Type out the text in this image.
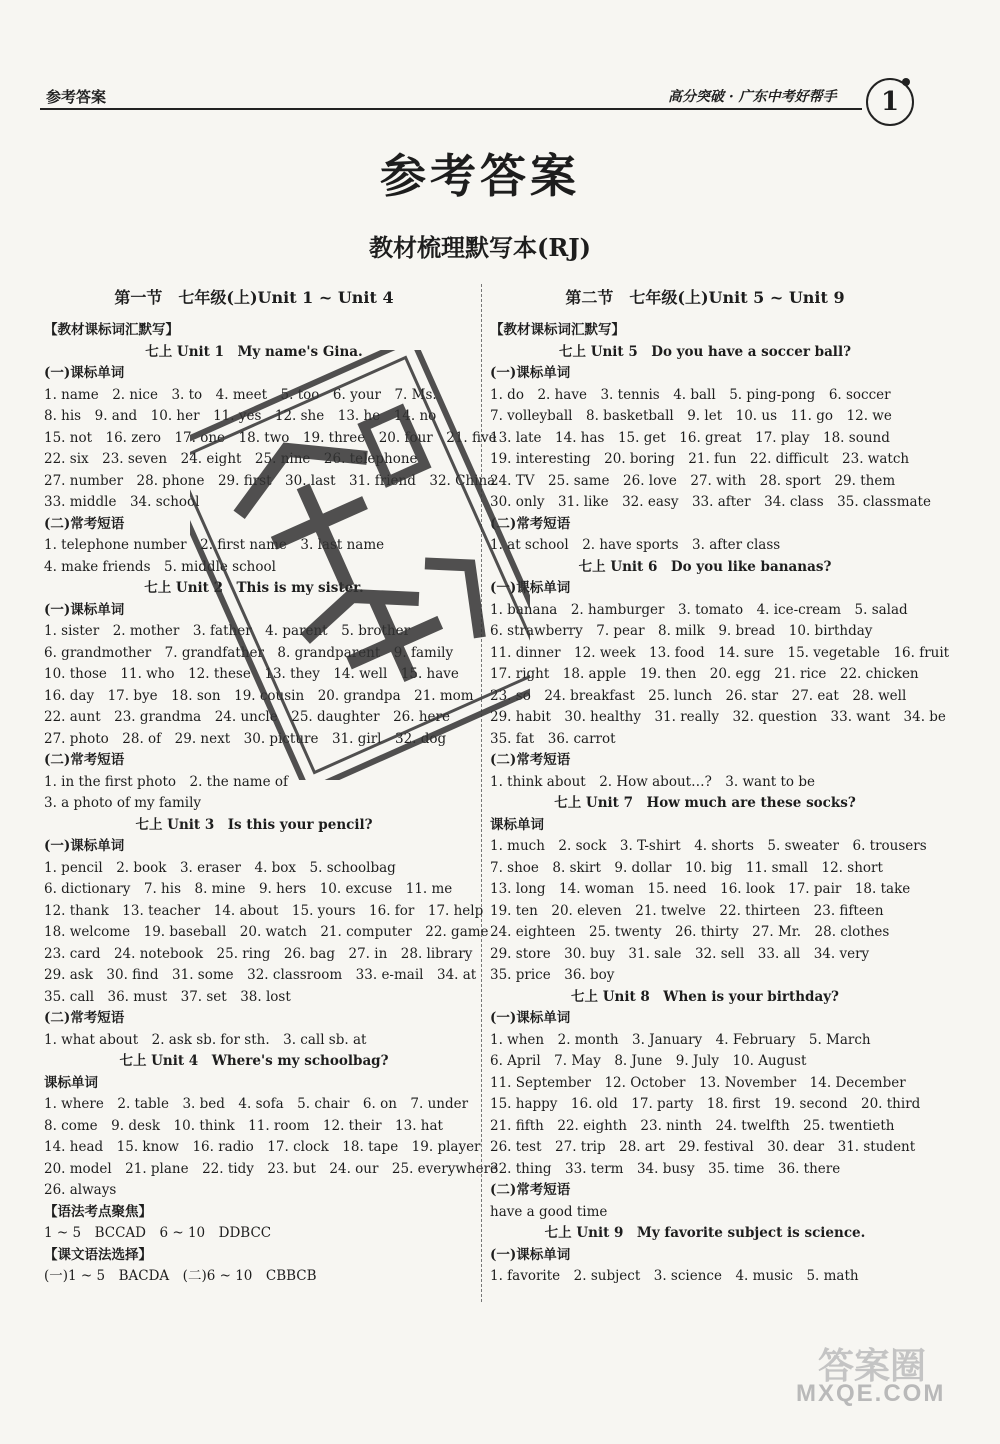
参考答案	高分突破 · 广东中考好帮手	1
参考答案
教材梳理默写本(RJ)
第一节　七年级(上)Unit 1 ~ Unit 4
【教材课标词汇默写】
七上 Unit 1　My name's Gina.
(一)课标单词
1. name　2. nice　3. to　4. meet　5. too　6. your　7. Ms.
8. his　9. and　10. her　11. yes　12. she　13. he　14. no
15. not　16. zero　17. one　18. two　19. three　20. four　21. five
22. six　23. seven　24. eight　25. nine　26. telephone
27. number　28. phone　29. first　30. last　31. friend　32. China
33. middle　34. school
(二)常考短语
1. telephone number　2. first name　3. last name
4. make friends　5. middle school
七上 Unit 2　This is my sister.
(一)课标单词
1. sister　2. mother　3. father　4. parent　5. brother
6. grandmother　7. grandfather　8. grandparent　9. family
10. those　11. who　12. these　13. they　14. well　15. have
16. day　17. bye　18. son　19. cousin　20. grandpa　21. mom
22. aunt　23. grandma　24. uncle　25. daughter　26. here
27. photo　28. of　29. next　30. picture　31. girl　32. dog
(二)常考短语
1. in the first photo　2. the name of
3. a photo of my family
七上 Unit 3　Is this your pencil?
(一)课标单词
1. pencil　2. book　3. eraser　4. box　5. schoolbag
6. dictionary　7. his　8. mine　9. hers　10. excuse　11. me
12. thank　13. teacher　14. about　15. yours　16. for　17. help
18. welcome　19. baseball　20. watch　21. computer　22. game
23. card　24. notebook　25. ring　26. bag　27. in　28. library
29. ask　30. find　31. some　32. classroom　33. e-mail　34. at
35. call　36. must　37. set　38. lost
(二)常考短语
1. what about　2. ask sb. for sth.　3. call sb. at
七上 Unit 4　Where's my schoolbag?
课标单词
1. where　2. table　3. bed　4. sofa　5. chair　6. on　7. under
8. come　9. desk　10. think　11. room　12. their　13. hat
14. head　15. know　16. radio　17. clock　18. tape　19. player
20. model　21. plane　22. tidy　23. but　24. our　25. everywhere
26. always
【语法考点聚焦】
1 ~ 5　BCCAD　6 ~ 10　DDBCC
【课文语法选择】
(一)1 ~ 5　BACDA　(二)6 ~ 10　CBBCB
第二节　七年级(上)Unit 5 ~ Unit 9
【教材课标词汇默写】
七上 Unit 5　Do you have a soccer ball?
(一)课标单词
1. do　2. have　3. tennis　4. ball　5. ping-pong　6. soccer
7. volleyball　8. basketball　9. let　10. us　11. go　12. we
13. late　14. has　15. get　16. great　17. play　18. sound
19. interesting　20. boring　21. fun　22. difficult　23. watch
24. TV　25. same　26. love　27. with　28. sport　29. them
30. only　31. like　32. easy　33. after　34. class　35. classmate
(二)常考短语
1. at school　2. have sports　3. after class
七上 Unit 6　Do you like bananas?
(一)课标单词
1. banana　2. hamburger　3. tomato　4. ice-cream　5. salad
6. strawberry　7. pear　8. milk　9. bread　10. birthday
11. dinner　12. week　13. food　14. sure　15. vegetable　16. fruit
17. right　18. apple　19. then　20. egg　21. rice　22. chicken
23. so　24. breakfast　25. lunch　26. star　27. eat　28. well
29. habit　30. healthy　31. really　32. question　33. want　34. be
35. fat　36. carrot
(二)常考短语
1. think about　2. How about…?　3. want to be
七上 Unit 7　How much are these socks?
课标单词
1. much　2. sock　3. T-shirt　4. shorts　5. sweater　6. trousers
7. shoe　8. skirt　9. dollar　10. big　11. small　12. short
13. long　14. woman　15. need　16. look　17. pair　18. take
19. ten　20. eleven　21. twelve　22. thirteen　23. fifteen
24. eighteen　25. twenty　26. thirty　27. Mr.　28. clothes
29. store　30. buy　31. sale　32. sell　33. all　34. very
35. price　36. boy
七上 Unit 8　When is your birthday?
(一)课标单词
1. when　2. month　3. January　4. February　5. March
6. April　7. May　8. June　9. July　10. August
11. September　12. October　13. November　14. December
15. happy　16. old　17. party　18. first　19. second　20. third
21. fifth　22. eighth　23. ninth　24. twelfth　25. twentieth
26. test　27. trip　28. art　29. festival　30. dear　31. student
32. thing　33. term　34. busy　35. time　36. there
(二)常考短语
have a good time
七上 Unit 9　My favorite subject is science.
(一)课标单词
1. favorite　2. subject　3. science　4. music　5. math
答案圈
MXQE.COM
